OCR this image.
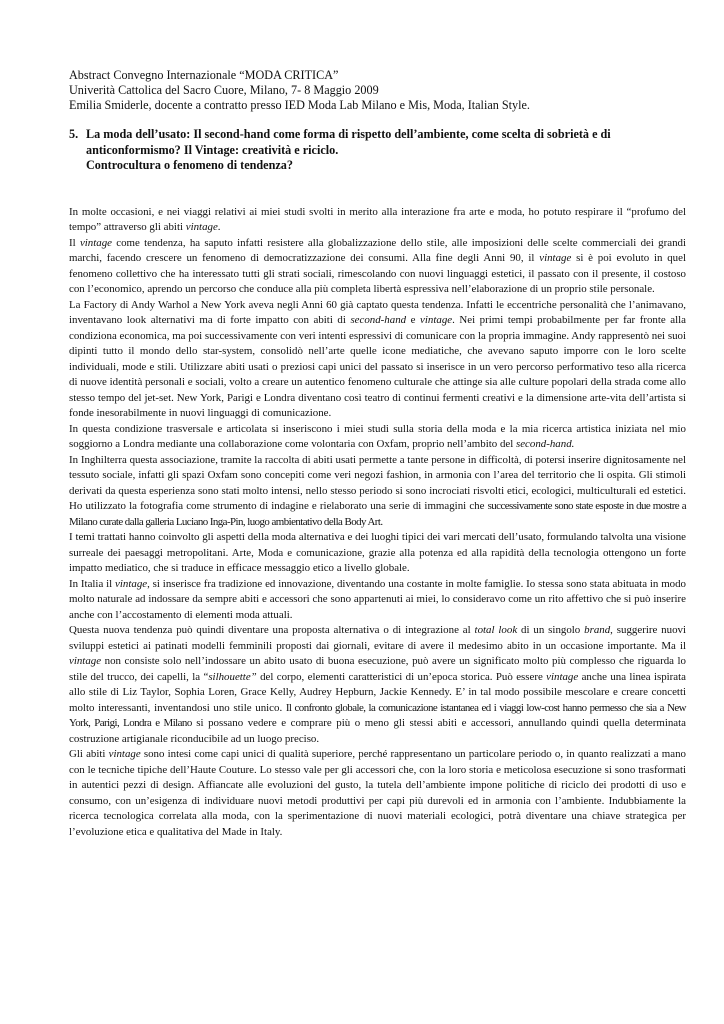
Abstract Convegno Internazionale “MODA CRITICA”

Univerità Cattolica del Sacro Cuore, Milano, 7- 8 Maggio 2009

Emilia Smiderle, docente a contratto presso IED Moda Lab Milano e Mis, Moda, Italian Style.

5. La moda dell’usato: Il second-hand come forma di rispetto dell’ambiente, come scelta di sobrietà e di
anticonformismo? Il Vintage: creatività e riciclo.
Controcultura o fenomeno di tendenza?

In molte occasioni, e nei viaggi relativi ai miei studi svolti in merito alla interazione fra arte e moda, ho potuto respirare il “profumo del tempo” attraverso gli abiti vintage.

Il vintage come tendenza, ha saputo infatti resistere alla globalizzazione dello stile, alle imposizioni delle scelte commerciali dei grandi marchi, facendo crescere un fenomeno di democratizzazione dei consumi. Alla fine degli Anni 90, il vintage si è poi evoluto in quel fenomeno collettivo che ha interessato tutti gli strati sociali, rimescolando con nuovi linguaggi estetici, il passato con il presente, il costoso con l’economico, aprendo un percorso che conduce alla più completa libertà espressiva nell’elaborazione di un proprio stile personale.

La Factory di Andy Warhol a New York aveva negli Anni 60 già captato questa tendenza. Infatti le eccentriche personalità che l’animavano, inventavano look alternativi ma di forte impatto con abiti di second-hand e vintage. Nei primi tempi probabilmente per far fronte alla condiziona economica, ma poi successivamente con veri intenti espressivi di comunicare con la propria immagine. Andy rappresentò nei suoi dipinti tutto il mondo dello star-system, consolidò nell’arte quelle icone mediatiche, che avevano saputo imporre con le loro scelte individuali, mode e stili. Utilizzare abiti usati o preziosi capi unici del passato si inserisce in un vero percorso performativo teso alla ricerca di nuove identità personali e sociali, volto a creare un autentico fenomeno culturale che attinge sia alle culture popolari della strada come allo stesso tempo del jet-set. New York, Parigi e Londra diventano così teatro di continui fermenti creativi e la dimensione arte-vita dell’artista si fonde inesorabilmente in nuovi linguaggi di comunicazione.

In questa condizione trasversale e articolata si inseriscono i miei studi sulla storia della moda e la mia ricerca artistica iniziata nel mio soggiorno a Londra mediante una collaborazione come volontaria con Oxfam, proprio nell’ambito del second-hand.

In Inghilterra questa associazione, tramite la raccolta di abiti usati permette a tante persone in difficoltà, di potersi inserire dignitosamente nel tessuto sociale, infatti gli spazi Oxfam sono concepiti come veri negozi fashion, in armonia con l’area del territorio che li ospita. Gli stimoli derivati da questa esperienza sono stati molto intensi, nello stesso periodo si sono incrociati risvolti etici, ecologici, multiculturali ed estetici. Ho utilizzato la fotografia come strumento di indagine e rielaborato una serie di immagini che successivamente sono state esposte in due mostre a Milano curate dalla galleria Luciano Inga-Pin, luogo ambientativo della Body Art.

I temi trattati hanno coinvolto gli aspetti della moda alternativa e dei luoghi tipici dei vari mercati dell’usato, formulando talvolta una visione surreale dei paesaggi metropolitani. Arte, Moda e comunicazione, grazie alla potenza ed alla rapidità della tecnologia ottengono un forte impatto mediatico, che si traduce in efficace messaggio etico a livello globale.

In Italia il vintage, si inserisce fra tradizione ed innovazione, diventando una costante in molte famiglie. Io stessa sono stata abituata in modo molto naturale ad indossare da sempre abiti e accessori che sono appartenuti ai miei, lo consideravo come un rito affettivo che si può inserire anche con l’accostamento di elementi moda attuali.

Questa nuova tendenza può quindi diventare una proposta alternativa o di integrazione al total look di un singolo brand, suggerire nuovi sviluppi estetici ai patinati modelli femminili proposti dai giornali, evitare di avere il medesimo abito in un occasione importante. Ma il vintage non consiste solo nell’indossare un abito usato di buona esecuzione, può avere un significato molto più complesso che riguarda lo stile del trucco, dei capelli, la “silhouette” del corpo, elementi caratteristici di un’epoca storica. Può essere vintage anche una linea ispirata allo stile di Liz Taylor, Sophia Loren, Grace Kelly, Audrey Hepburn, Jackie Kennedy. E’ in tal modo possibile mescolare e creare concetti molto interessanti, inventandosi uno stile unico. Il confronto globale, la comunicazione istantanea ed i viaggi low-cost hanno permesso che sia a New York, Parigi, Londra e Milano si possano vedere e comprare più o meno gli stessi abiti e accessori, annullando quindi quella determinata costruzione artigianale riconducibile ad un luogo preciso.

Gli abiti vintage sono intesi come capi unici di qualità superiore, perché rappresentano un particolare periodo o, in quanto realizzati a mano con le tecniche tipiche dell’Haute Couture. Lo stesso vale per gli accessori che, con la loro storia e meticolosa esecuzione si sono trasformati in autentici pezzi di design. Affiancate alle evoluzioni del gusto, la tutela dell’ambiente impone politiche di riciclo dei prodotti di uso e consumo, con un’esigenza di individuare nuovi metodi produttivi per capi più durevoli ed in armonia con l’ambiente. Indubbiamente la ricerca tecnologica correlata alla moda, con la sperimentazione di nuovi materiali ecologici, potrà diventare una chiave strategica per l’evoluzione etica e qualitativa del Made in Italy.
